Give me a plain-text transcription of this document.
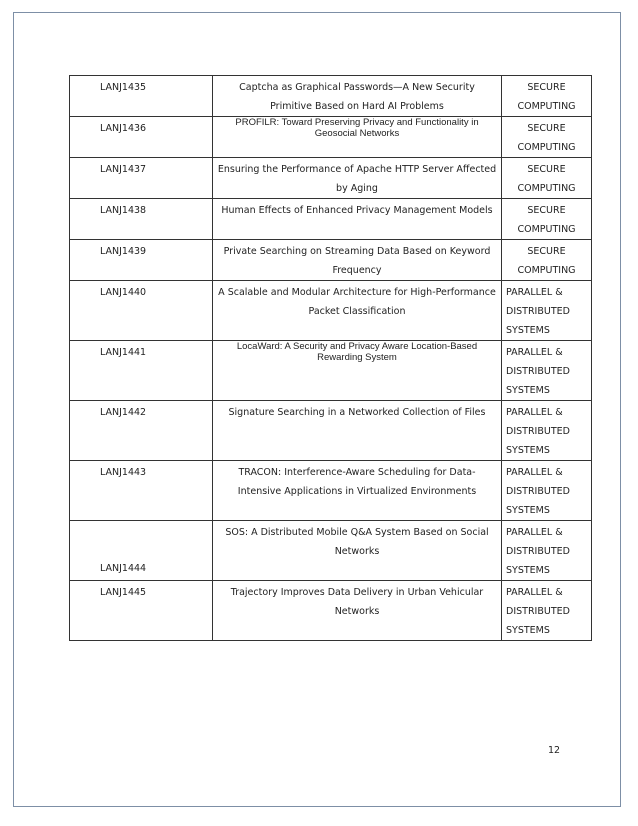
LANJ1435	Captcha as Graphical Passwords—A New Security Primitive Based on Hard AI Problems	SECURE COMPUTING
LANJ1436	PROFILR: Toward Preserving Privacy and Functionality in Geosocial Networks	SECURE COMPUTING
LANJ1437	Ensuring the Performance of Apache HTTP Server Affected by Aging	SECURE COMPUTING
LANJ1438	Human Effects of Enhanced Privacy Management Models	SECURE COMPUTING
LANJ1439	Private Searching on Streaming Data Based on Keyword Frequency	SECURE COMPUTING
LANJ1440	A Scalable and Modular Architecture for High-Performance Packet Classification	PARALLEL & DISTRIBUTED SYSTEMS
LANJ1441	LocaWard: A Security and Privacy Aware Location-Based Rewarding System	PARALLEL & DISTRIBUTED SYSTEMS
LANJ1442	Signature Searching in a Networked Collection of Files	PARALLEL & DISTRIBUTED SYSTEMS
LANJ1443	TRACON: Interference-Aware Scheduling for Data-Intensive Applications in Virtualized Environments	PARALLEL & DISTRIBUTED SYSTEMS
LANJ1444	SOS: A Distributed Mobile Q&A System Based on Social Networks	PARALLEL & DISTRIBUTED SYSTEMS
LANJ1445	Trajectory Improves Data Delivery in Urban Vehicular Networks	PARALLEL & DISTRIBUTED SYSTEMS
12
